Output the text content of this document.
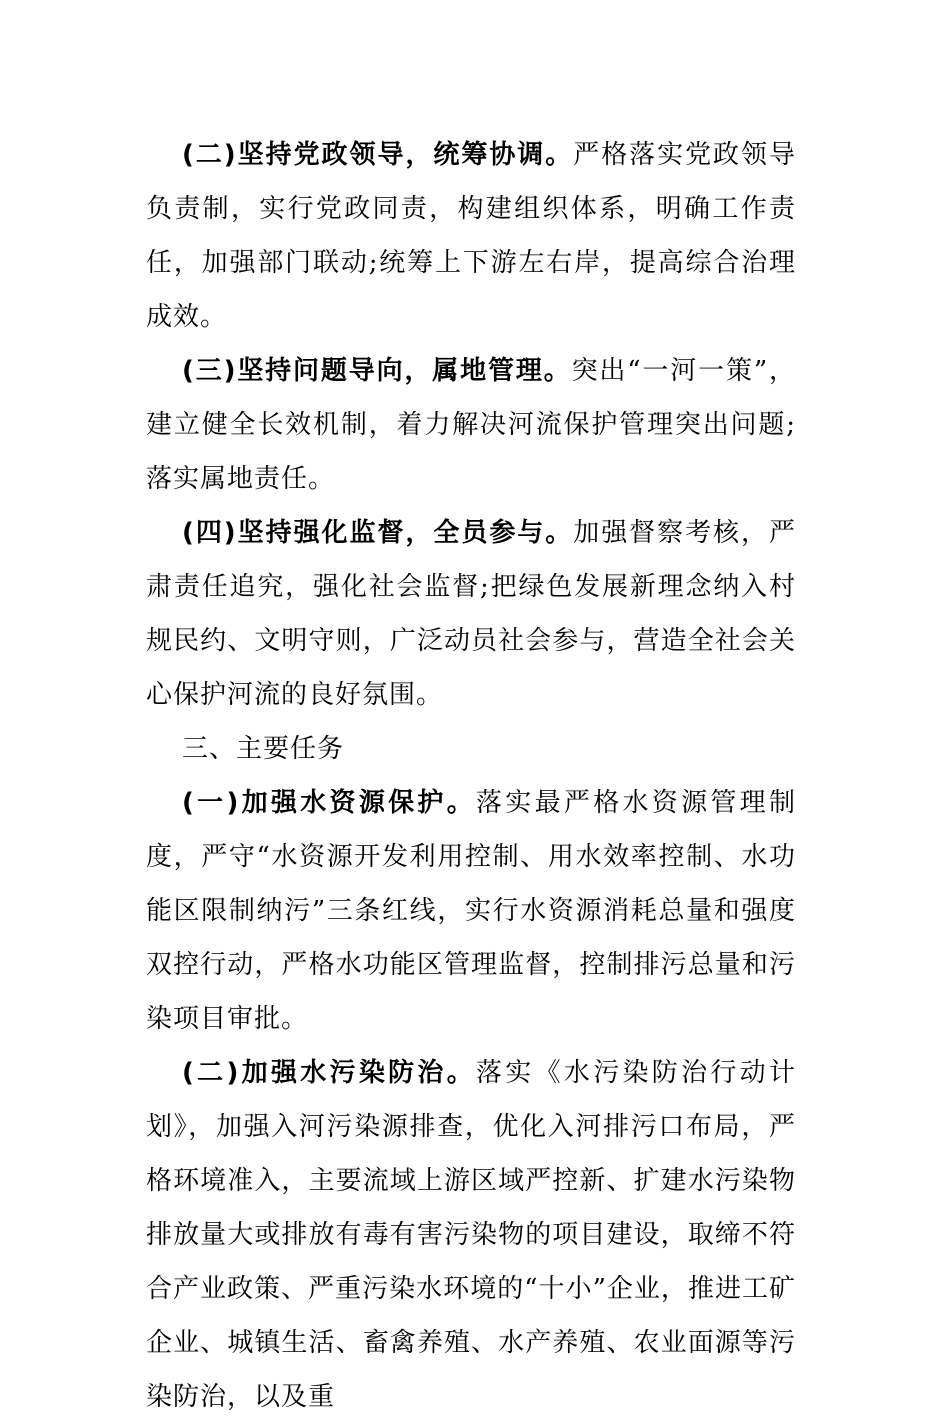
(二)坚持党政领导，统筹协调。严格落实党政领导负责制，实行党政同责，构建组织体系，明确工作责任，加强部门联动;统筹上下游左右岸，提高综合治理成效。

(三)坚持问题导向，属地管理。突出“一河一策”，建立健全长效机制，着力解决河流保护管理突出问题;落实属地责任。

(四)坚持强化监督，全员参与。加强督察考核，严肃责任追究，强化社会监督;把绿色发展新理念纳入村规民约、文明守则，广泛动员社会参与，营造全社会关心保护河流的良好氛围。

三、主要任务

(一)加强水资源保护。落实最严格水资源管理制度，严守“水资源开发利用控制、用水效率控制、水功能区限制纳污”三条红线，实行水资源消耗总量和强度双控行动，严格水功能区管理监督，控制排污总量和污染项目审批。

(二)加强水污染防治。落实《水污染防治行动计划》，加强入河污染源排查，优化入河排污口布局，严格环境准入，主要流域上游区域严控新、扩建水污染物排放量大或排放有毒有害污染物的项目建设，取缔不符合产业政策、严重污染水环境的“十小”企业，推进工矿企业、城镇生活、畜禽养殖、水产养殖、农业面源等污染防治，以及重
